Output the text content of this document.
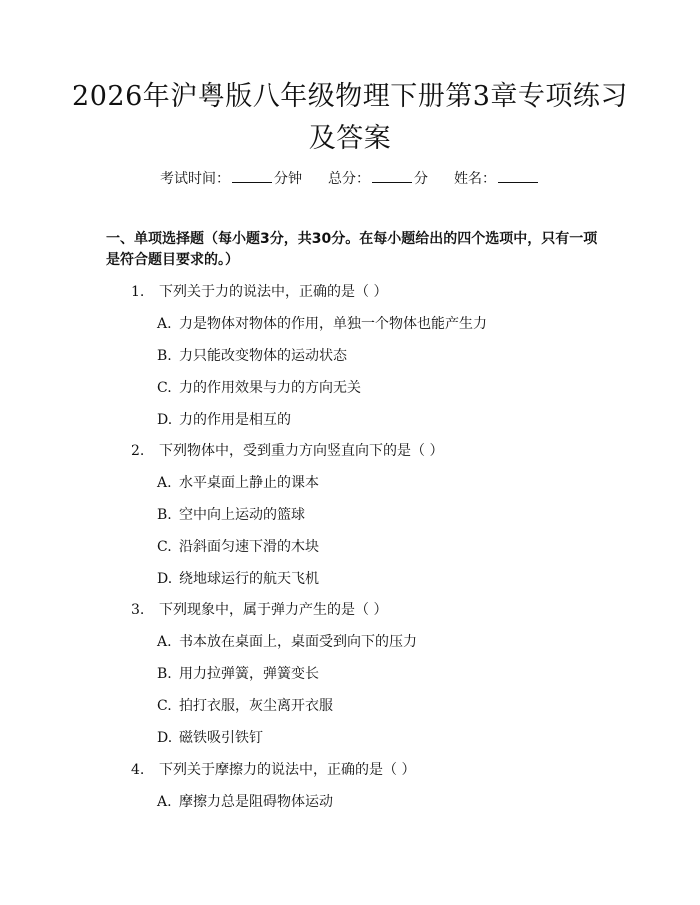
2026年沪粤版八年级物理下册第3章专项练习及答案
考试时间：	分钟 总分：	分 姓名：
一、单项选择题（每小题3分，共30分。在每小题给出的四个选项中，只有一项是符合题目要求的。）
1. 下列关于力的说法中，正确的是（ ）
A. 力是物体对物体的作用，单独一个物体也能产生力
B. 力只能改变物体的运动状态
C. 力的作用效果与力的方向无关
D. 力的作用是相互的
2. 下列物体中，受到重力方向竖直向下的是（ ）
A. 水平桌面上静止的课本
B. 空中向上运动的篮球
C. 沿斜面匀速下滑的木块
D. 绕地球运行的航天飞机
3. 下列现象中，属于弹力产生的是（ ）
A. 书本放在桌面上，桌面受到向下的压力
B. 用力拉弹簧，弹簧变长
C. 拍打衣服，灰尘离开衣服
D. 磁铁吸引铁钉
4. 下列关于摩擦力的说法中，正确的是（ ）
A. 摩擦力总是阻碍物体运动
